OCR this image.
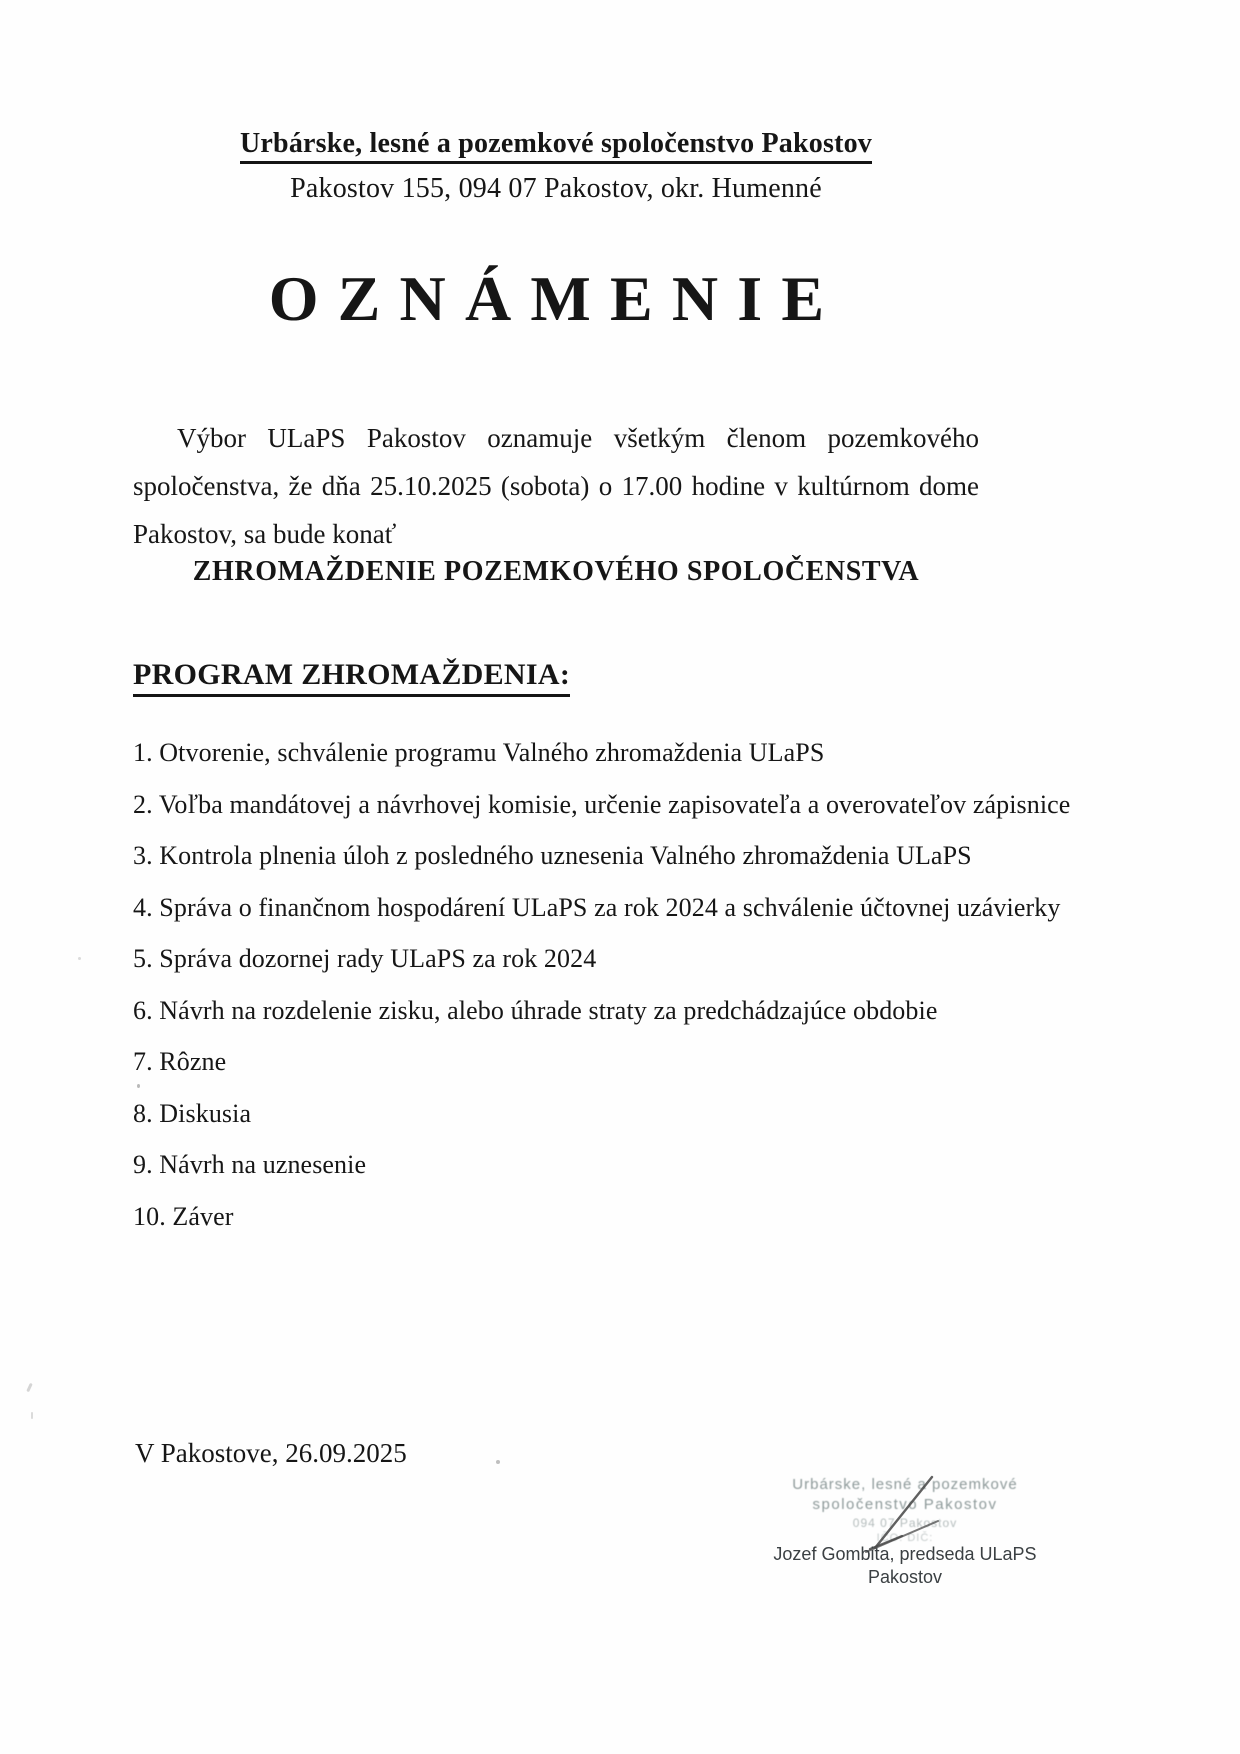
Urbárske, lesné a pozemkové spoločenstvo Pakostov
Pakostov 155, 094 07 Pakostov, okr. Humenné
OZNÁMENIE
Výbor ULaPS Pakostov oznamuje všetkým členom pozemkového
spoločenstva, že dňa 25.10.2025 (sobota) o 17.00 hodine v kultúrnom dome
Pakostov, sa bude konať
ZHROMAŽDENIE POZEMKOVÉHO SPOLOČENSTVA
PROGRAM ZHROMAŽDENIA:

1. Otvorenie, schválenie programu Valného zhromaždenia ULaPS

2. Voľba mandátovej a návrhovej komisie, určenie zapisovateľa a overovateľov zápisnice

3. Kontrola plnenia úloh z posledného uznesenia Valného zhromaždenia ULaPS

4. Správa o finančnom hospodárení ULaPS za rok 2024 a schválenie účtovnej uzávierky

5. Správa dozornej rady ULaPS za rok 2024

6. Návrh na rozdelenie zisku, alebo úhrade straty za predchádzajúce obdobie

7. Rôzne

8. Diskusia

9. Návrh na uznesenie

10. Záver

V Pakostove, 26.09.2025
Urbárske, lesné a pozemkové
spoločenstvo Pakostov
094 07 Pakostov
IČO: DIČ:
Jozef Gombita, predseda ULaPS
Pakostov
